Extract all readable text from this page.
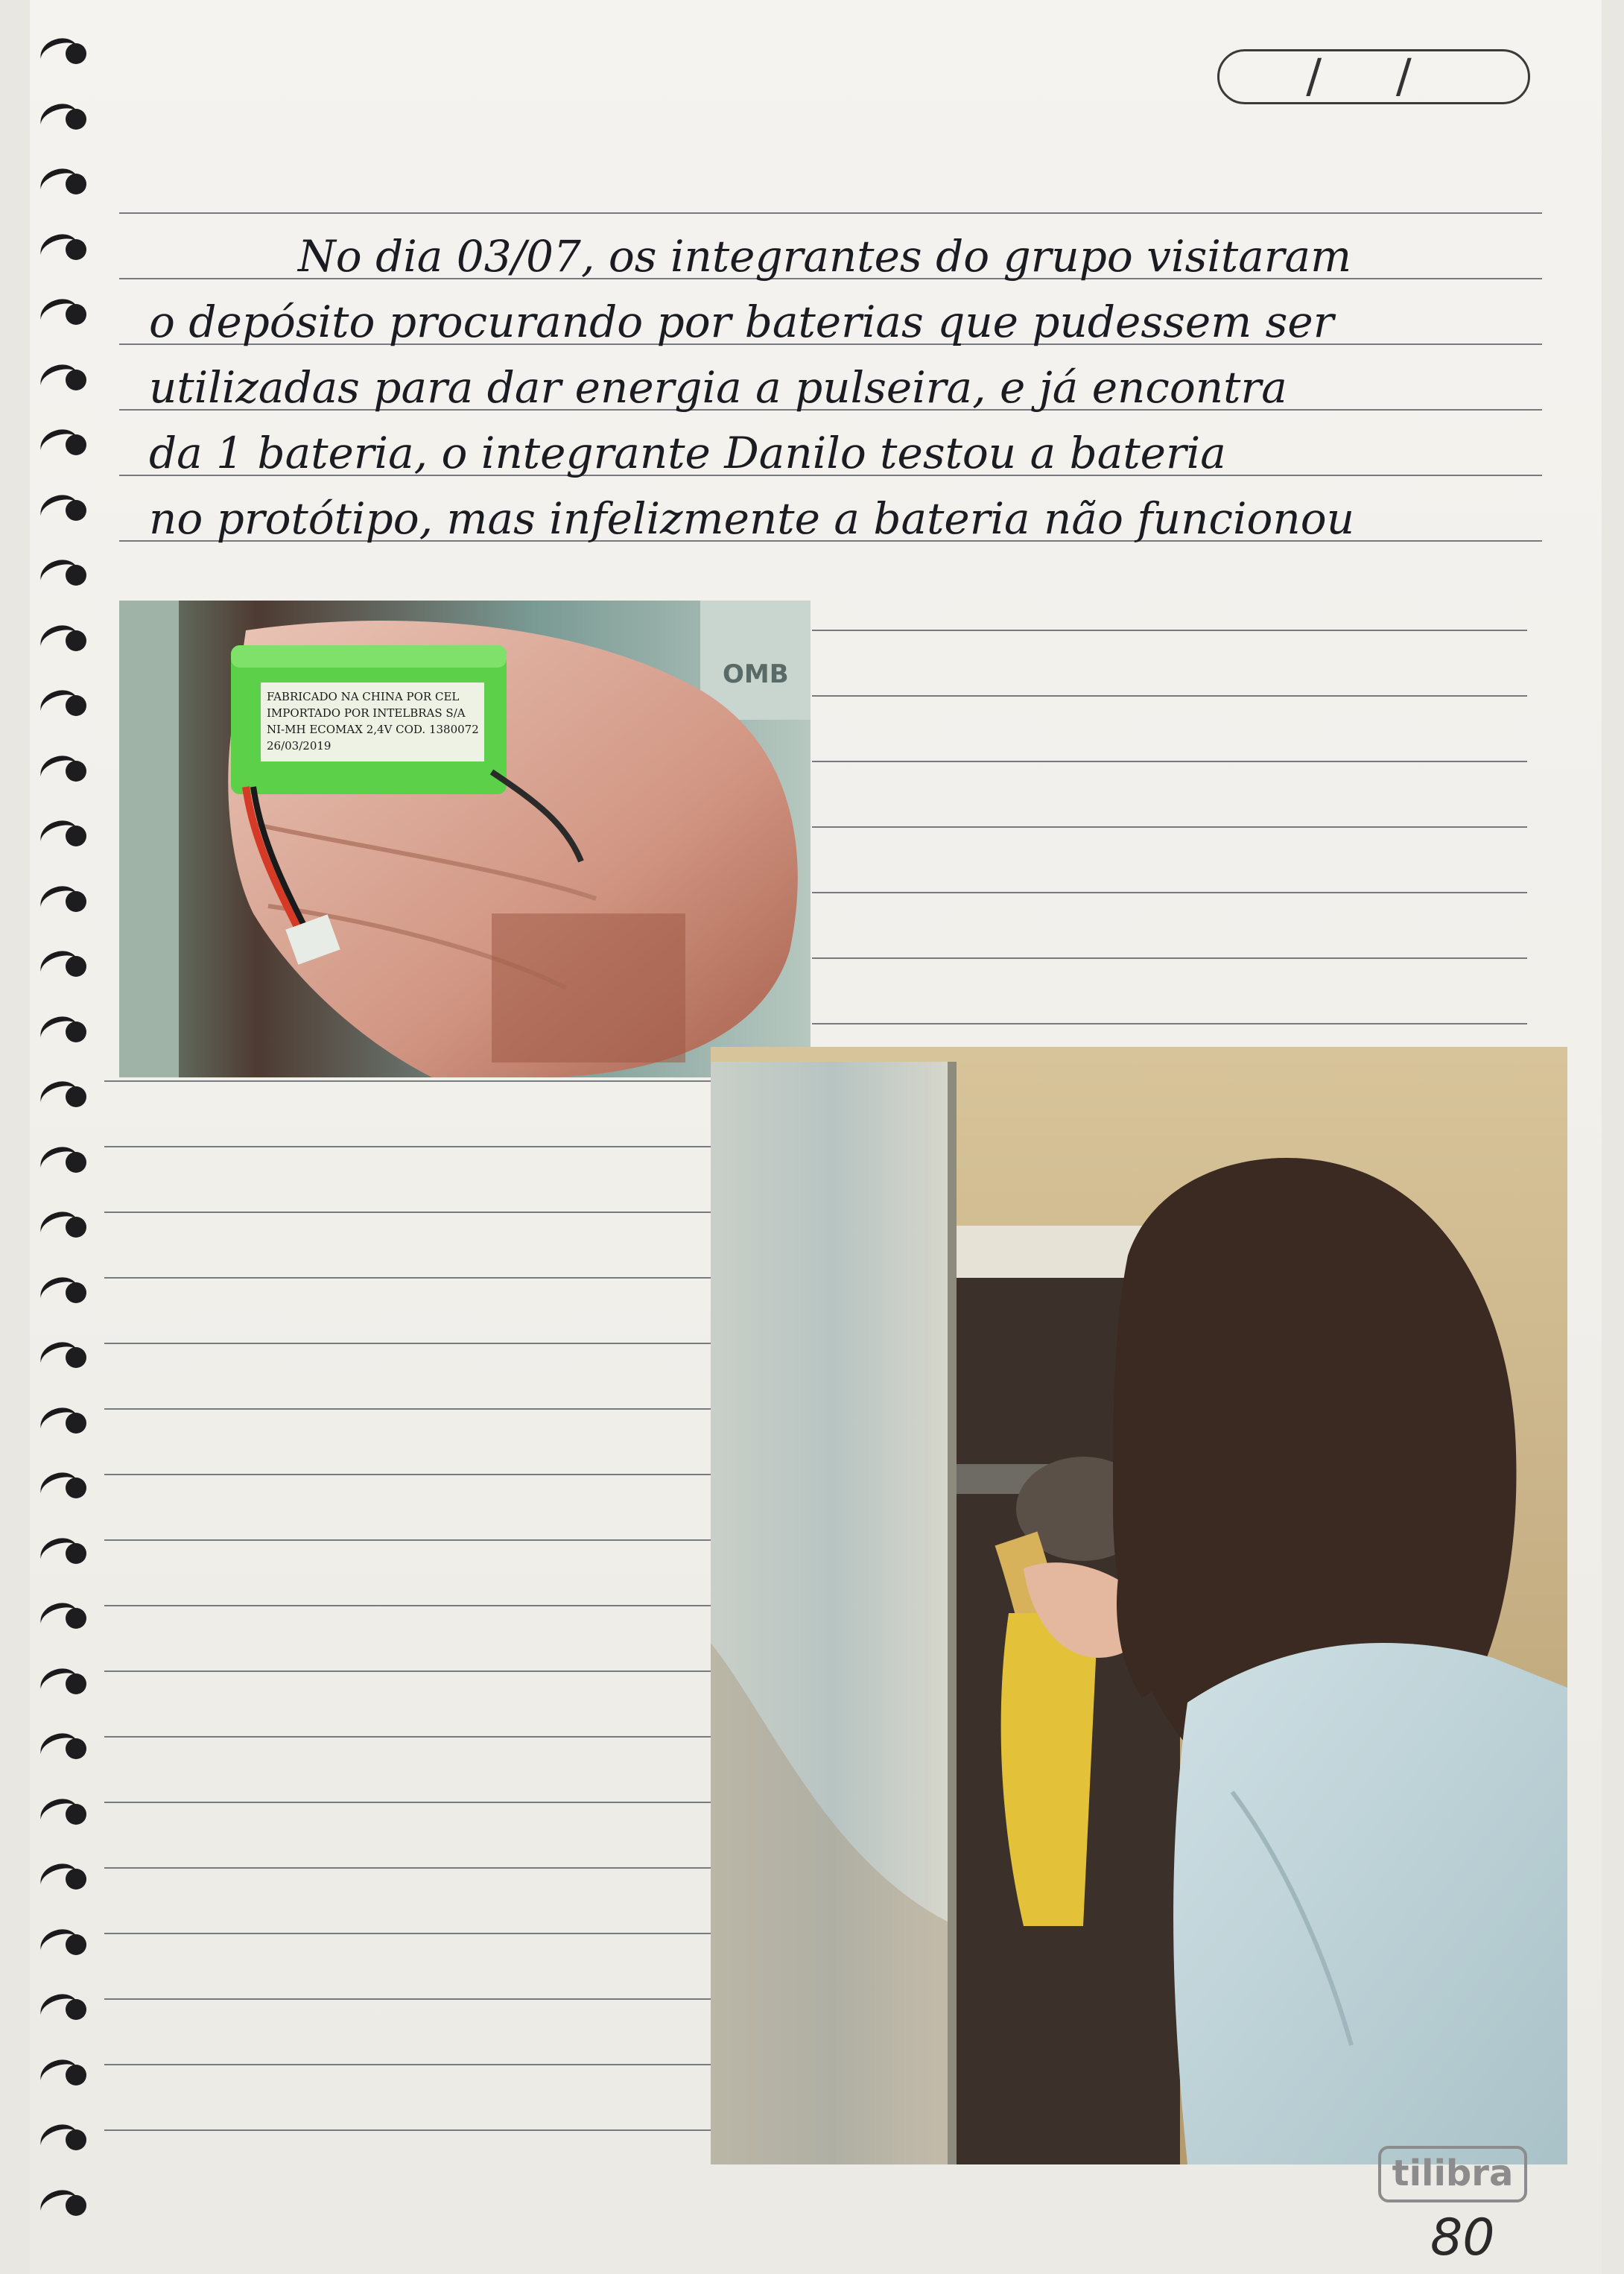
/ /
No dia 03/07, os integrantes do grupo visitaram
o depósito procurando por baterias que pudessem ser
utilizadas para dar energia a pulseira, e já encontra
da 1 bateria, o integrante Danilo testou a bateria
no protótipo, mas infelizmente a bateria não funcionou
OMB
FABRICADO NA CHINA POR CEL
IMPORTADO POR INTELBRAS S/A
NI-MH ECOMAX 2,4V COD. 1380072
26/03/2019
tilibra
80
